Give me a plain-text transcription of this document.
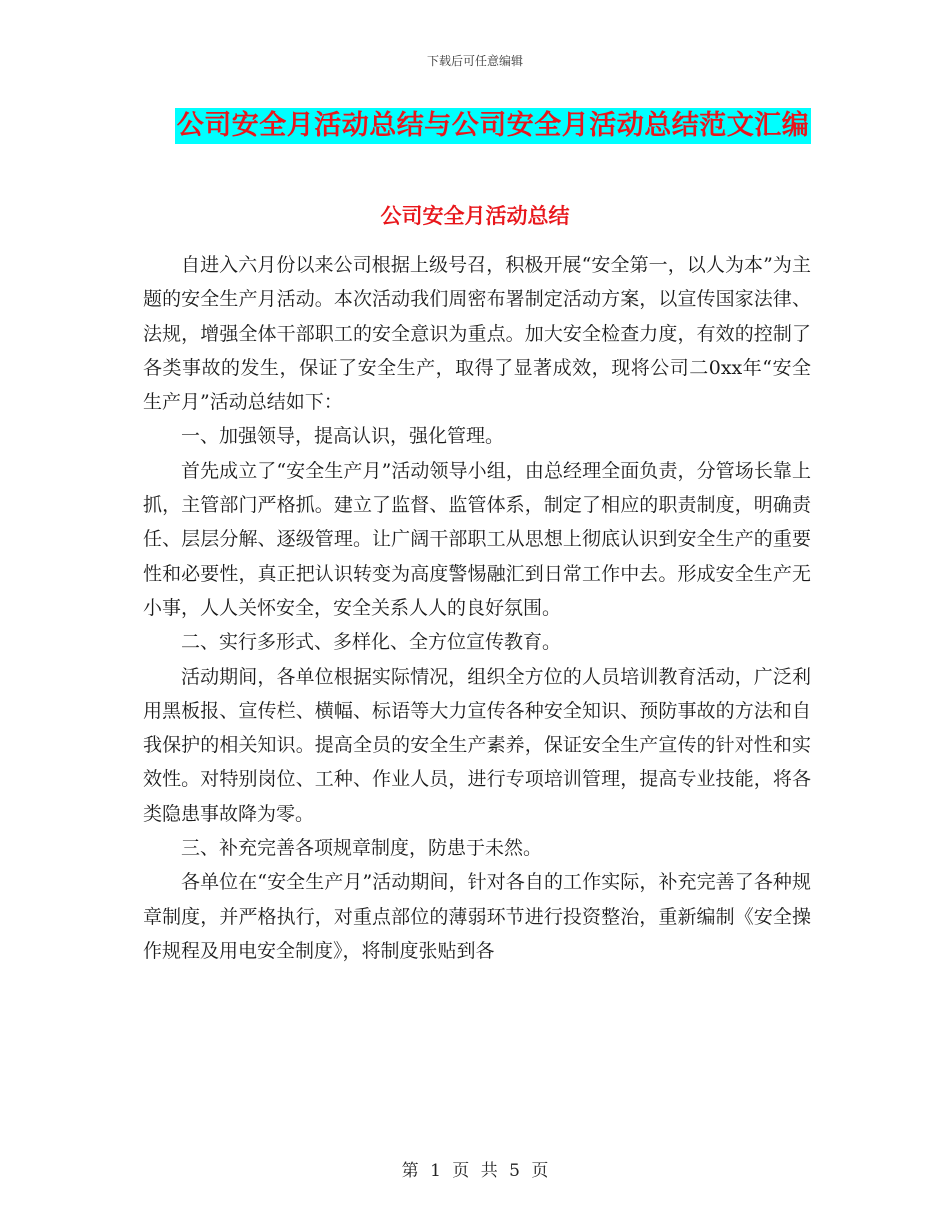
下载后可任意编辑
公司安全月活动总结与公司安全月活动总结范文汇编
公司安全月活动总结

自进入六月份以来公司根据上级号召，积极开展“安全第一，以人为本”为主题的安全生产月活动。本次活动我们周密布署制定活动方案，以宣传国家法律、法规，增强全体干部职工的安全意识为重点。加大安全检查力度，有效的控制了各类事故的发生，保证了安全生产，取得了显著成效，现将公司二0xx年“安全生产月”活动总结如下：

一、加强领导，提高认识，强化管理。

首先成立了“安全生产月”活动领导小组，由总经理全面负责，分管场长靠上抓，主管部门严格抓。建立了监督、监管体系，制定了相应的职责制度，明确责任、层层分解、逐级管理。让广阔干部职工从思想上彻底认识到安全生产的重要性和必要性，真正把认识转变为高度警惕融汇到日常工作中去。形成安全生产无小事，人人关怀安全，安全关系人人的良好氛围。

二、实行多形式、多样化、全方位宣传教育。

活动期间，各单位根据实际情况，组织全方位的人员培训教育活动，广泛利用黑板报、宣传栏、横幅、标语等大力宣传各种安全知识、预防事故的方法和自我保护的相关知识。提高全员的安全生产素养，保证安全生产宣传的针对性和实效性。对特别岗位、工种、作业人员，进行专项培训管理，提高专业技能，将各类隐患事故降为零。

三、补充完善各项规章制度，防患于未然。

各单位在“安全生产月”活动期间，针对各自的工作实际，补充完善了各种规章制度，并严格执行，对重点部位的薄弱环节进行投资整治，重新编制《安全操作规程及用电安全制度》，将制度张贴到各

第 1 页 共 5 页
